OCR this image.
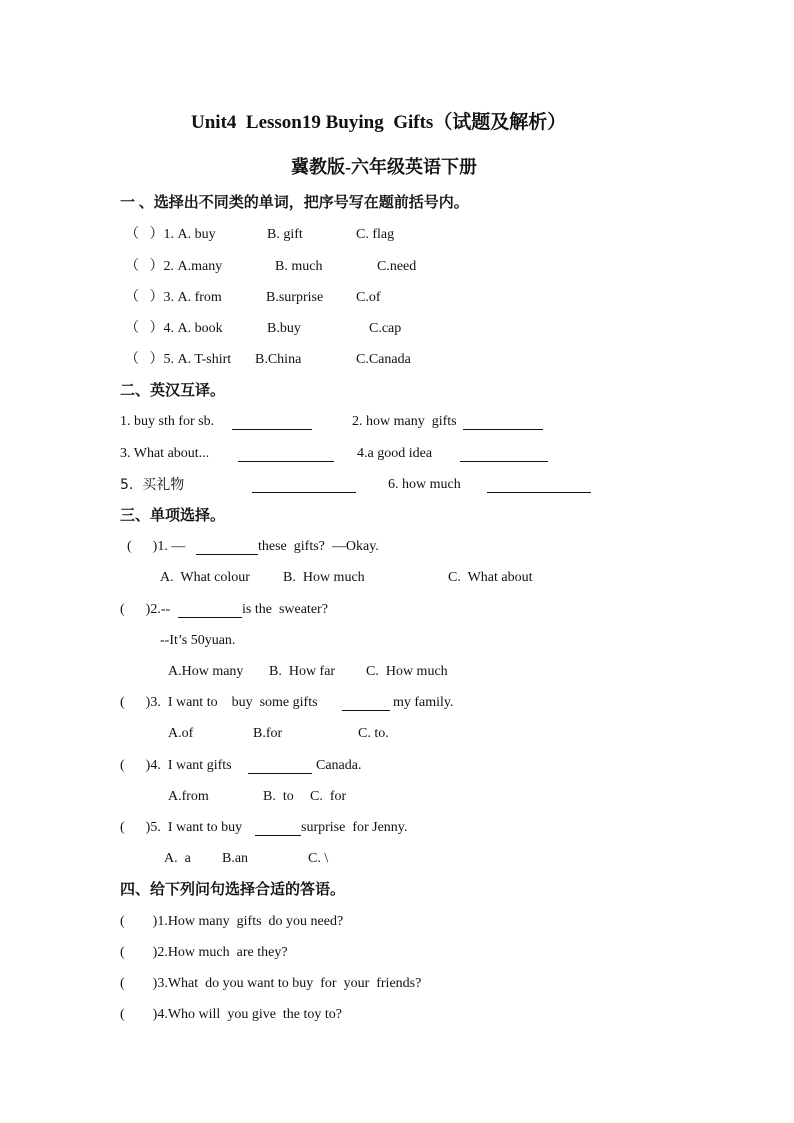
Unit4  Lesson19 Buying  Gifts（试题及解析）
冀教版-六年级英语下册
一 、选择出不同类的单词，把序号写在题前括号内。
（   ）1. A. buy	B. gift	C. flag
（   ）2. A.many	B. much	C.need
（   ）3. A. from	B.surprise C.of
（   ）4. A. book	B.buy	C.cap
（   ）5. A. T-shirt B.China	C.Canada
二、英汉互译。
1. buy sth for sb.	2. how many  gifts
3. What about...	4.a good idea
5.  买礼物	6. how much
三、单项选择。
(      )1. —	these  gifts?  —Okay.
A.  What colour B.  How much	C.  What about
(      )2.--	is the  sweater?
--It’s 50yuan.
A.How many B.  How far C.  How much
(      )3.  I want to    buy  some gifts	my family.
A.of	B.for	C. to.
(      )4.  I want gifts	Canada.
A.from	B.  to C.  for
(      )5.  I want to buy	surprise  for Jenny.
A.  a B.an	C. \
四、给下列问句选择合适的答语。
(        )1.How many  gifts  do you need?
(        )2.How much  are they?
(        )3.What  do you want to buy  for  your  friends?
(        )4.Who will  you give  the toy to?
